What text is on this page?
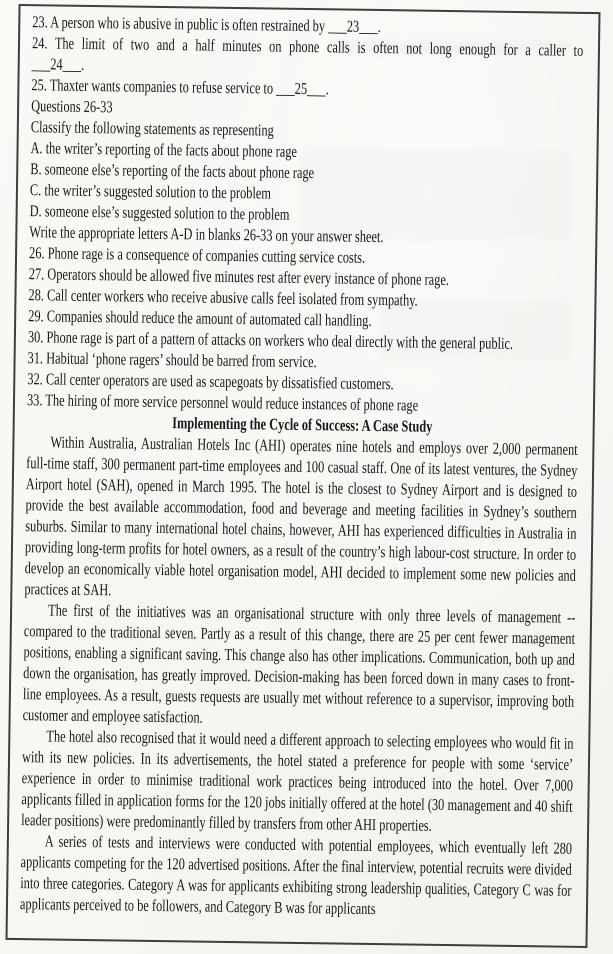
23. A person who is abusive in public is often restrained by ___23___.
24. The limit of two and a half minutes on phone calls is often not long enough for a caller to
___24___.
25. Thaxter wants companies to refuse service to ___25___.
Questions 26-33
Classify the following statements as representing
A. the writer’s reporting of the facts about phone rage
B. someone else’s reporting of the facts about phone rage
C. the writer’s suggested solution to the problem
D. someone else’s suggested solution to the problem
Write the appropriate letters A-D in blanks 26-33 on your answer sheet.
26. Phone rage is a consequence of companies cutting service costs.
27. Operators should be allowed five minutes rest after every instance of phone rage.
28. Call center workers who receive abusive calls feel isolated from sympathy.
29. Companies should reduce the amount of automated call handling.
30. Phone rage is part of a pattern of attacks on workers who deal directly with the general public.
31. Habitual ‘phone ragers’ should be barred from service.
32. Call center operators are used as scapegoats by dissatisfied customers.
33. The hiring of more service personnel would reduce instances of phone rage
Implementing the Cycle of Success: A Case Study

Within Australia, Australian Hotels Inc (AHI) operates nine hotels and employs over 2,000 permanent full-time staff, 300 permanent part-time employees and 100 casual staff. One of its latest ventures, the Sydney Airport hotel (SAH), opened in March 1995. The hotel is the closest to Sydney Airport and is designed to provide the best available accommodation, food and beverage and meeting facilities in Sydney’s southern suburbs. Similar to many international hotel chains, however, AHI has experienced difficulties in Australia in providing long-term profits for hotel owners, as a result of the country’s high labour-cost structure. In order to develop an economically viable hotel organisation model, AHI decided to implement some new policies and practices at SAH.

The first of the initiatives was an organisational structure with only three levels of management -- compared to the traditional seven. Partly as a result of this change, there are 25 per cent fewer management positions, enabling a significant saving. This change also has other implications. Communication, both up and down the organisation, has greatly improved. Decision-making has been forced down in many cases to front-line employees. As a result, guests requests are usually met without reference to a supervisor, improving both customer and employee satisfaction.

The hotel also recognised that it would need a different approach to selecting employees who would fit in with its new policies. In its advertisements, the hotel stated a preference for people with some ‘service’ experience in order to minimise traditional work practices being introduced into the hotel. Over 7,000 applicants filled in application forms for the 120 jobs initially offered at the hotel (30 management and 40 shift leader positions) were predominantly filled by transfers from other AHI properties.

A series of tests and interviews were conducted with potential employees, which eventually left 280 applicants competing for the 120 advertised positions. After the final interview, potential recruits were divided into three categories. Category A was for applicants exhibiting strong leadership qualities, Category C was for applicants perceived to be followers, and Category B was for applicants
